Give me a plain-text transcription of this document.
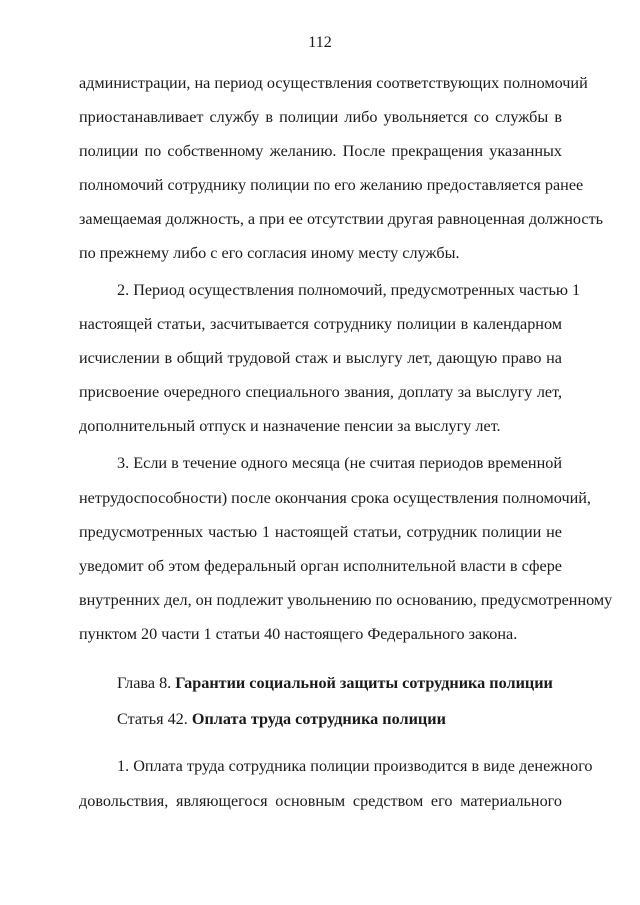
112
администрации, на период осуществления соответствующих полномочий
приостанавливает службу в полиции либо увольняется со службы в
полиции по собственному желанию. После прекращения указанных
полномочий сотруднику полиции по его желанию предоставляется ранее
замещаемая должность, а при ее отсутствии другая равноценная должность
по прежнему либо с его согласия иному месту службы.
2. Период осуществления полномочий, предусмотренных частью 1
настоящей статьи, засчитывается сотруднику полиции в календарном
исчислении в общий трудовой стаж и выслугу лет, дающую право на
присвоение очередного специального звания, доплату за выслугу лет,
дополнительный отпуск и назначение пенсии за выслугу лет.
3. Если в течение одного месяца (не считая периодов временной
нетрудоспособности) после окончания срока осуществления полномочий,
предусмотренных частью 1 настоящей статьи, сотрудник полиции не
уведомит об этом федеральный орган исполнительной власти в сфере
внутренних дел, он подлежит увольнению по основанию, предусмотренному
пунктом 20 части 1 статьи 40 настоящего Федерального закона.
Глава 8. Гарантии социальной защиты сотрудника полиции
Статья 42. Оплата труда сотрудника полиции
1. Оплата труда сотрудника полиции производится в виде денежного
довольствия, являющегося основным средством его материального
